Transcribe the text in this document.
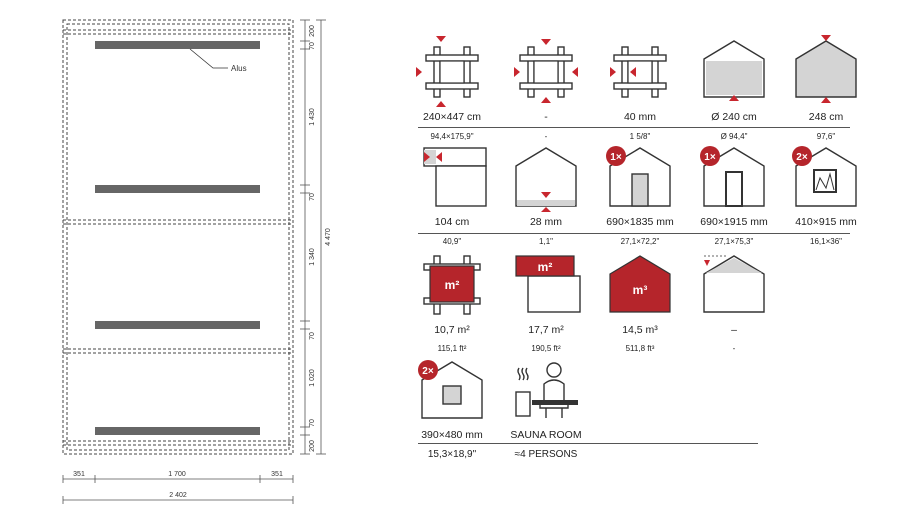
Alus
200
70
1 430
70
1 340
70
1 020
70
200
4 470
351	1 700	351
2 402
240×447 cm
94,4×175,9"
-
-
40 mm
1 5/8"
Ø 240 cm
Ø 94,4"
248 cm
97,6"
104 cm
40,9"
28 mm
1,1"
1×
690×1835 mm
27,1×72,2"
1×
690×1915 mm
27,1×75,3"
2×
410×915 mm
16,1×36"
m²
10,7 m²
115,1 ft²
m²
17,7 m²
190,5 ft²
m³
14,5 m³
511,8 ft³
–
-
2×
390×480 mm
15,3×18,9"
SAUNA ROOM
≈4 PERSONS
